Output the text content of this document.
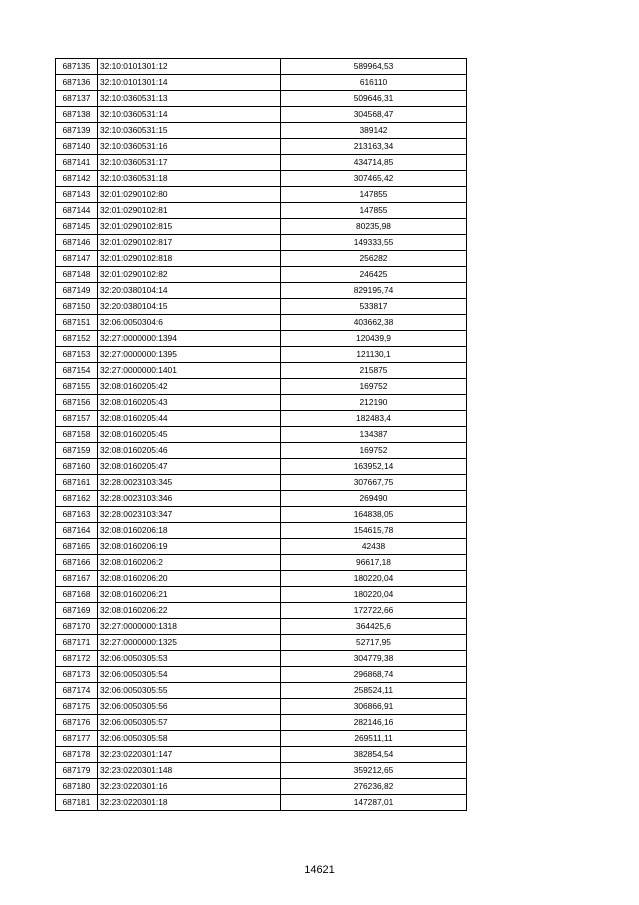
687135	32:10:0101301:12	589964,53
687136	32:10:0101301:14	616110
687137	32:10:0360531:13	509646,31
687138	32:10:0360531:14	304568,47
687139	32:10:0360531:15	389142
687140	32:10:0360531:16	213163,34
687141	32:10:0360531:17	434714,85
687142	32:10:0360531:18	307465,42
687143	32:01:0290102:80	147855
687144	32:01:0290102:81	147855
687145	32:01:0290102:815	80235,98
687146	32:01:0290102:817	149333,55
687147	32:01:0290102:818	256282
687148	32:01:0290102:82	246425
687149	32:20:0380104:14	829195,74
687150	32:20:0380104:15	533817
687151	32:06:0050304:6	403662,38
687152	32:27:0000000:1394	120439,9
687153	32:27:0000000:1395	121130,1
687154	32:27:0000000:1401	215875
687155	32:08:0160205:42	169752
687156	32:08:0160205:43	212190
687157	32:08:0160205:44	182483,4
687158	32:08:0160205:45	134387
687159	32:08:0160205:46	169752
687160	32:08:0160205:47	163952,14
687161	32:28:0023103:345	307667,75
687162	32:28:0023103:346	269490
687163	32:28:0023103:347	164838,05
687164	32:08:0160206:18	154615,78
687165	32:08:0160206:19	42438
687166	32:08:0160206:2	96617,18
687167	32:08:0160206:20	180220,04
687168	32:08:0160206:21	180220,04
687169	32:08:0160206:22	172722,66
687170	32:27:0000000:1318	364425,6
687171	32:27:0000000:1325	52717,95
687172	32:06:0050305:53	304779,38
687173	32:06:0050305:54	296868,74
687174	32:06:0050305:55	258524,11
687175	32:06:0050305:56	306866,91
687176	32:06:0050305:57	282146,16
687177	32:06:0050305:58	269511,11
687178	32:23:0220301:147	382854,54
687179	32:23:0220301:148	359212,65
687180	32:23:0220301:16	276236,82
687181	32:23:0220301:18	147287,01
14621
